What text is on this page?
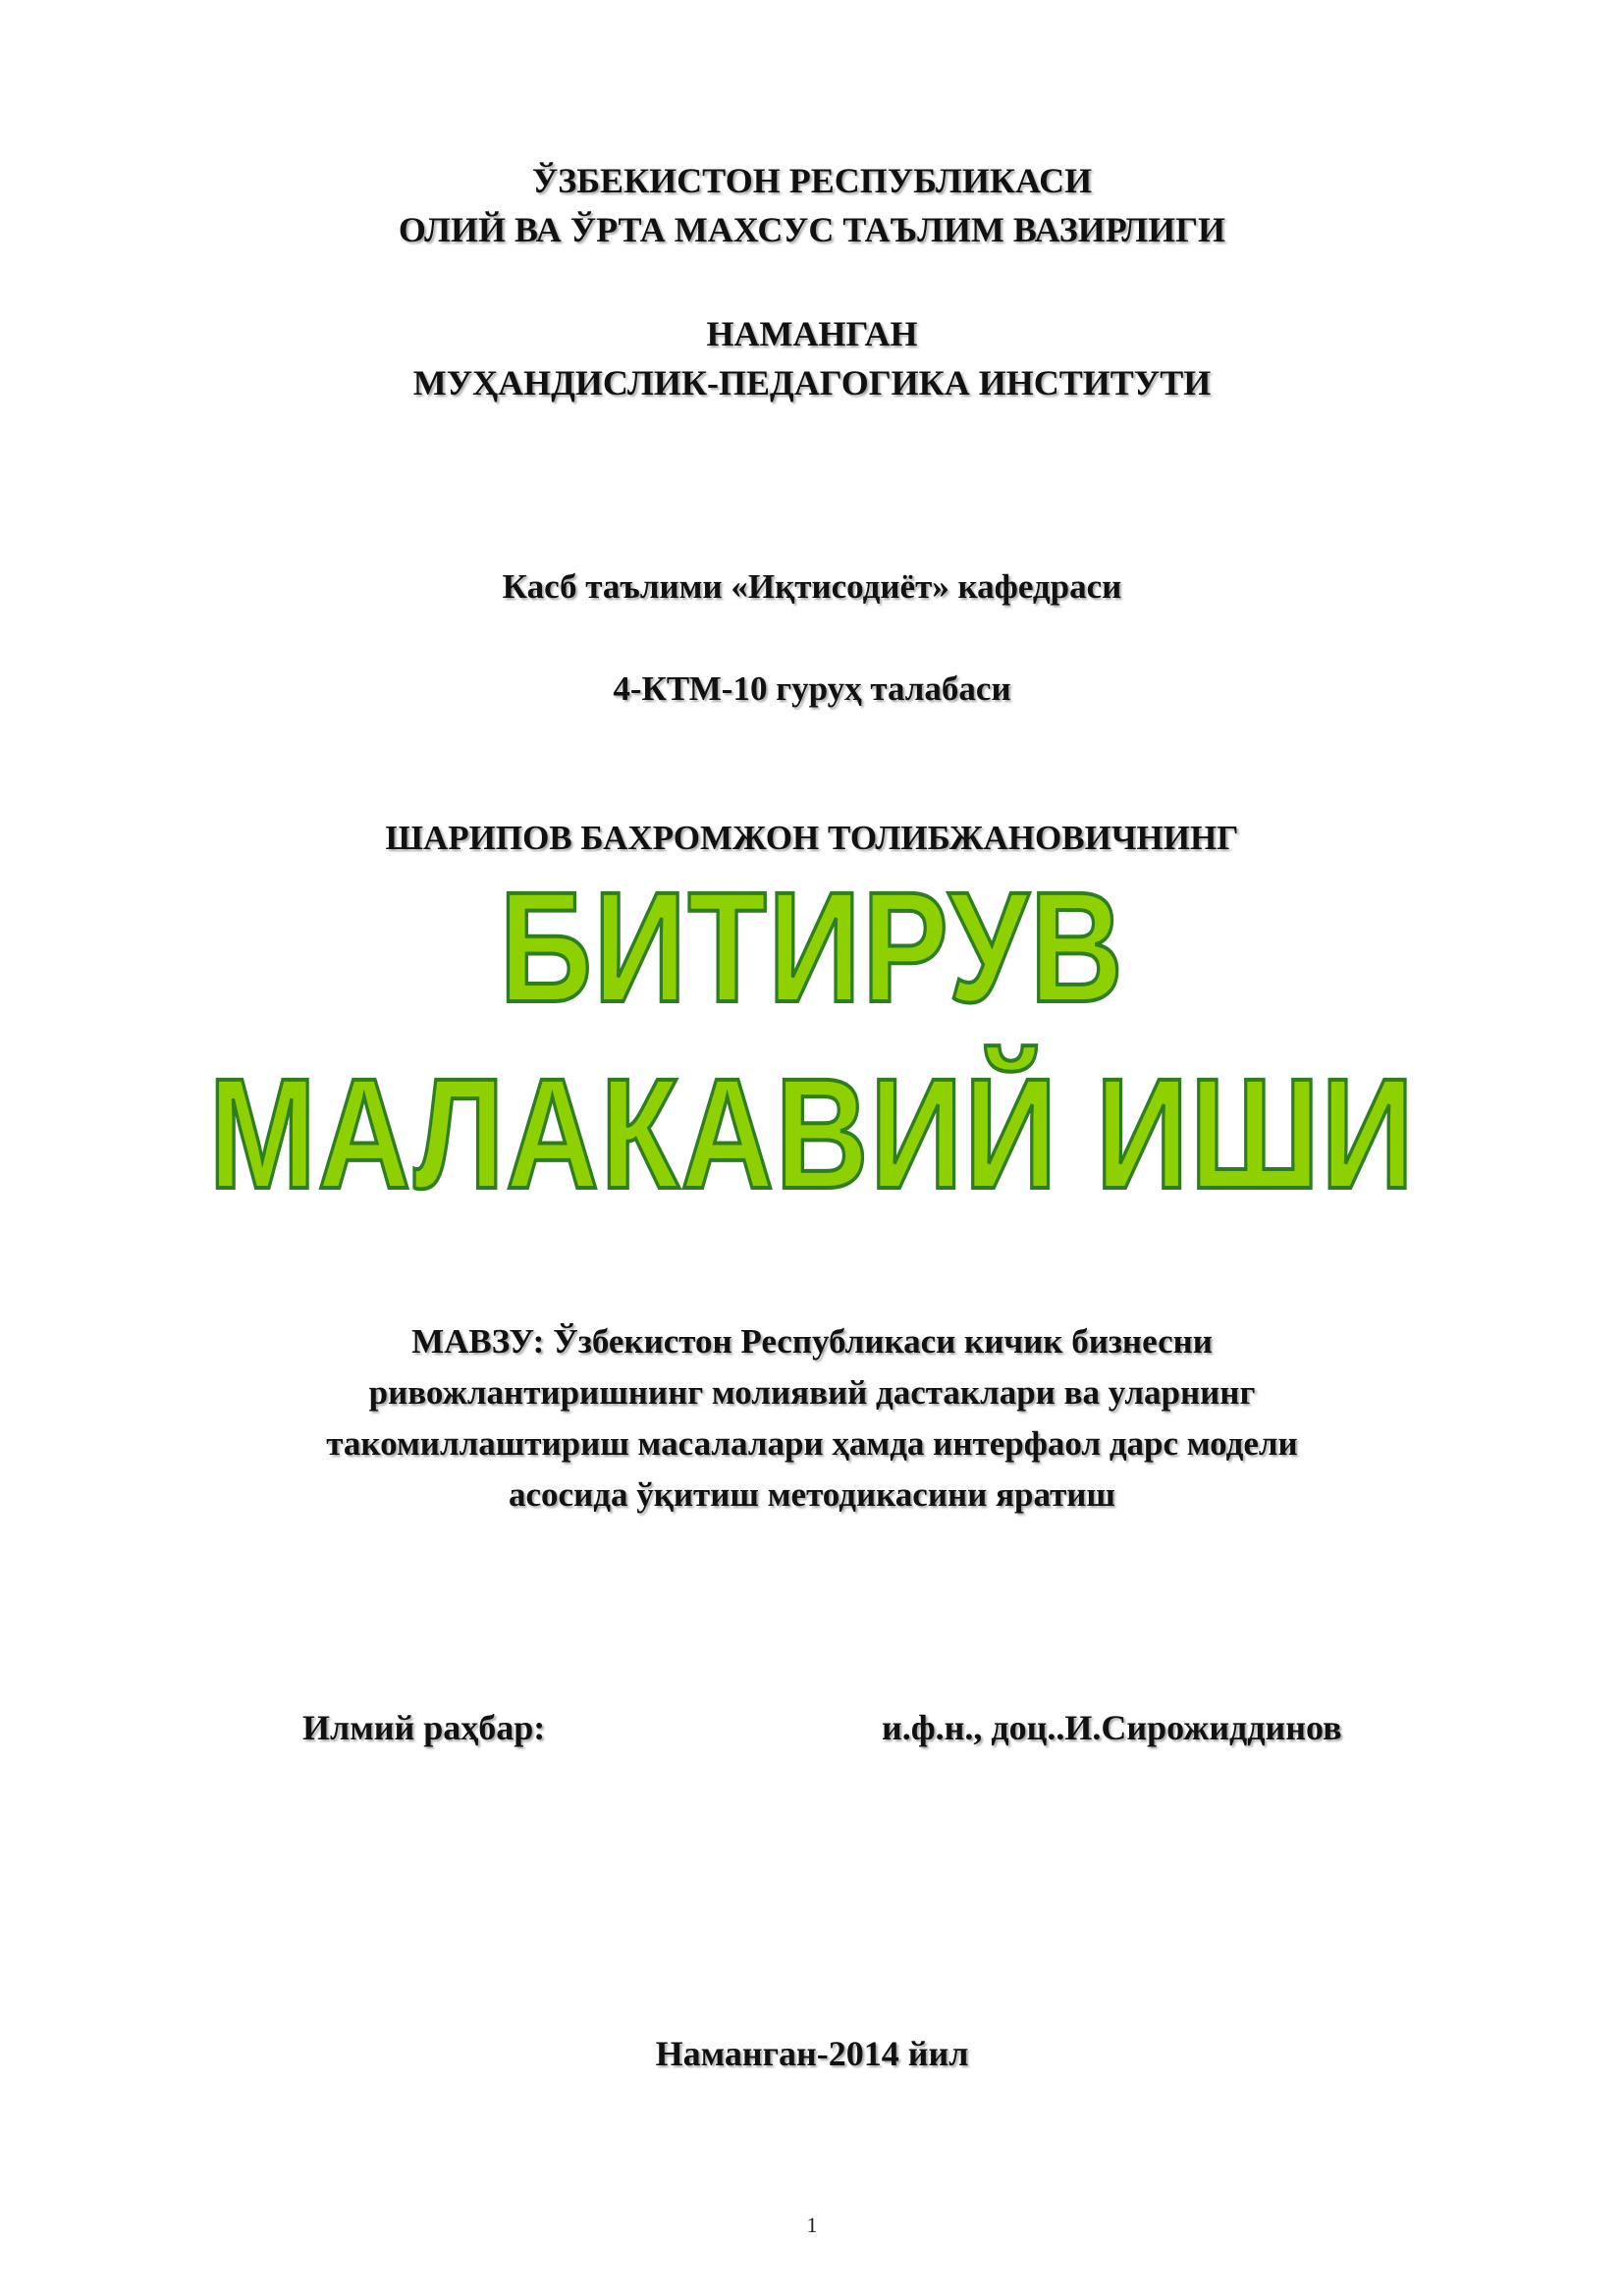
ЎЗБЕКИСТОН РЕСПУБЛИКАСИ
ОЛИЙ ВА ЎРТА МАХСУС ТАЪЛИМ ВАЗИРЛИГИ
НАМАНГАН
МУҲАНДИСЛИК-ПЕДАГОГИКА ИНСТИТУТИ
Касб таълими «Иқтисодиёт» кафедраси
4-КТМ-10 гуруҳ талабаси
ШАРИПОВ БАХРОМЖОН ТОЛИБЖАНОВИЧНИНГ
БИТИРУВ
МАЛАКАВИЙ ИШИ
МАВЗУ: Ўзбекистон Республикаси кичик бизнесни
ривожлантиришнинг молиявий дастаклари ва уларнинг
такомиллаштириш масалалари ҳамда интерфаол дарс модели
асосида ўқитиш методикасини яратиш
Илмий раҳбар:	и.ф.н., доц..И.Сирожиддинов
Наманган-2014 йил
1
